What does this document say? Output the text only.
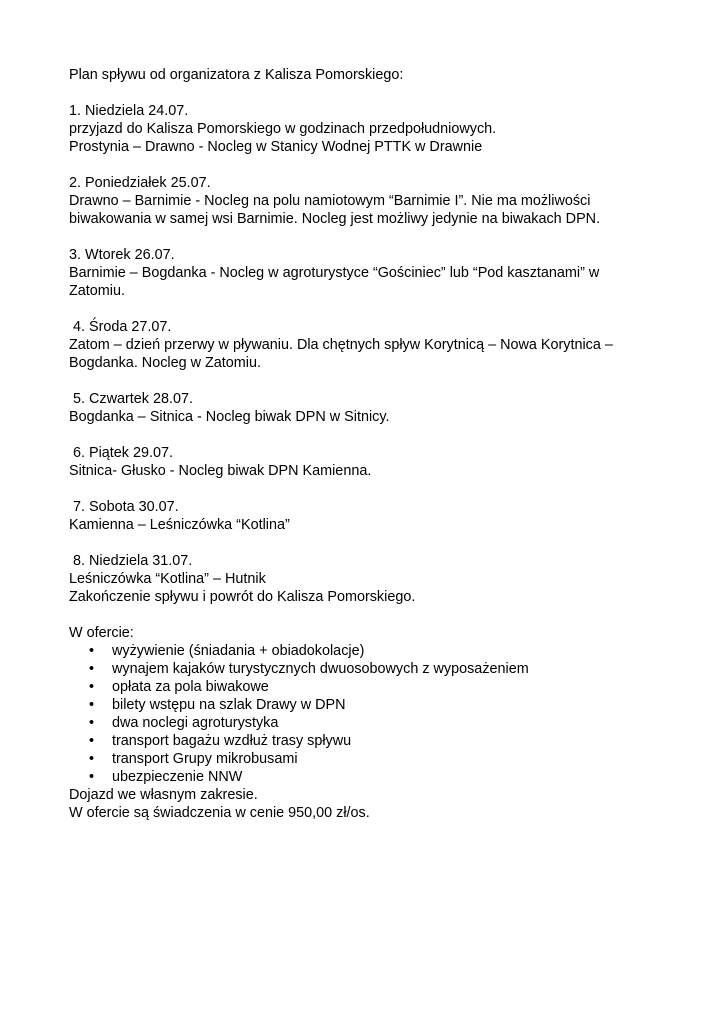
Plan spływu od organizatora z Kalisza Pomorskiego:
1. Niedziela 24.07.
przyjazd do Kalisza Pomorskiego w godzinach przedpołudniowych.
Prostynia – Drawno - Nocleg w Stanicy Wodnej PTTK w Drawnie
2. Poniedziałek 25.07.
Drawno – Barnimie - Nocleg na polu namiotowym “Barnimie I”. Nie ma możliwości
biwakowania w samej wsi Barnimie. Nocleg jest możliwy jedynie na biwakach DPN.
3. Wtorek 26.07.
Barnimie – Bogdanka - Nocleg w agroturystyce “Gościniec” lub “Pod kasztanami” w
Zatomiu.
4. Środa 27.07.
Zatom – dzień przerwy w pływaniu. Dla chętnych spływ Korytnicą – Nowa Korytnica –
Bogdanka. Nocleg w Zatomiu.
5. Czwartek 28.07.
Bogdanka – Sitnica - Nocleg biwak DPN w Sitnicy.
6. Piątek 29.07.
Sitnica- Głusko - Nocleg biwak DPN Kamienna.
7. Sobota 30.07.
Kamienna – Leśniczówka “Kotlina”
8. Niedziela 31.07.
Leśniczówka “Kotlina” – Hutnik
Zakończenie spływu i powrót do Kalisza Pomorskiego.
W ofercie:
• wyżywienie (śniadania + obiadokolacje)
• wynajem kajaków turystycznych dwuosobowych z wyposażeniem
• opłata za pola biwakowe
• bilety wstępu na szlak Drawy w DPN
• dwa noclegi agroturystyka
• transport bagażu wzdłuż trasy spływu
• transport Grupy mikrobusami
• ubezpieczenie NNW
Dojazd we własnym zakresie.
W ofercie są świadczenia w cenie 950,00 zł/os.
